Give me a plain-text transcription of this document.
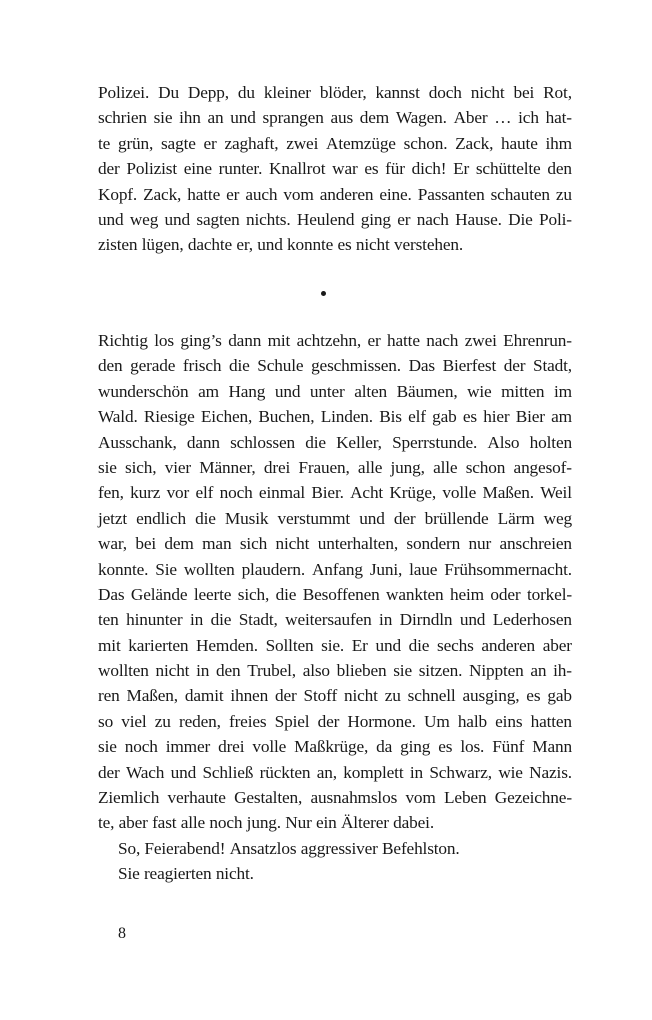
Polizei. Du Depp, du kleiner blöder, kannst doch nicht bei Rot,
schrien sie ihn an und sprangen aus dem Wagen. Aber … ich hat-
te grün, sagte er zaghaft, zwei Atemzüge schon. Zack, haute ihm
der Polizist eine runter. Knallrot war es für dich! Er schüttelte den
Kopf. Zack, hatte er auch vom anderen eine. Passanten schauten zu
und weg und sagten nichts. Heulend ging er nach Hause. Die Poli-
zisten lügen, dachte er, und konnte es nicht verstehen.
Richtig los ging’s dann mit achtzehn, er hatte nach zwei Ehrenrun-
den gerade frisch die Schule geschmissen. Das Bierfest der Stadt,
wunderschön am Hang und unter alten Bäumen, wie mitten im
Wald. Riesige Eichen, Buchen, Linden. Bis elf gab es hier Bier am
Ausschank, dann schlossen die Keller, Sperrstunde. Also holten
sie sich, vier Männer, drei Frauen, alle jung, alle schon angesof-
fen, kurz vor elf noch einmal Bier. Acht Krüge, volle Maßen. Weil
jetzt endlich die Musik verstummt und der brüllende Lärm weg
war, bei dem man sich nicht unterhalten, sondern nur anschreien
konnte. Sie wollten plaudern. Anfang Juni, laue Frühsommernacht.
Das Gelände leerte sich, die Besoffenen wankten heim oder torkel-
ten hinunter in die Stadt, weitersaufen in Dirndln und Lederhosen
mit karierten Hemden. Sollten sie. Er und die sechs anderen aber
wollten nicht in den Trubel, also blieben sie sitzen. Nippten an ih-
ren Maßen, damit ihnen der Stoff nicht zu schnell ausging, es gab
so viel zu reden, freies Spiel der Hormone. Um halb eins hatten
sie noch immer drei volle Maßkrüge, da ging es los. Fünf Mann
der Wach und Schließ rückten an, komplett in Schwarz, wie Nazis.
Ziemlich verhaute Gestalten, ausnahmslos vom Leben Gezeichne-
te, aber fast alle noch jung. Nur ein Älterer dabei.
So, Feierabend! Ansatzlos aggressiver Befehlston.
Sie reagierten nicht.
8
